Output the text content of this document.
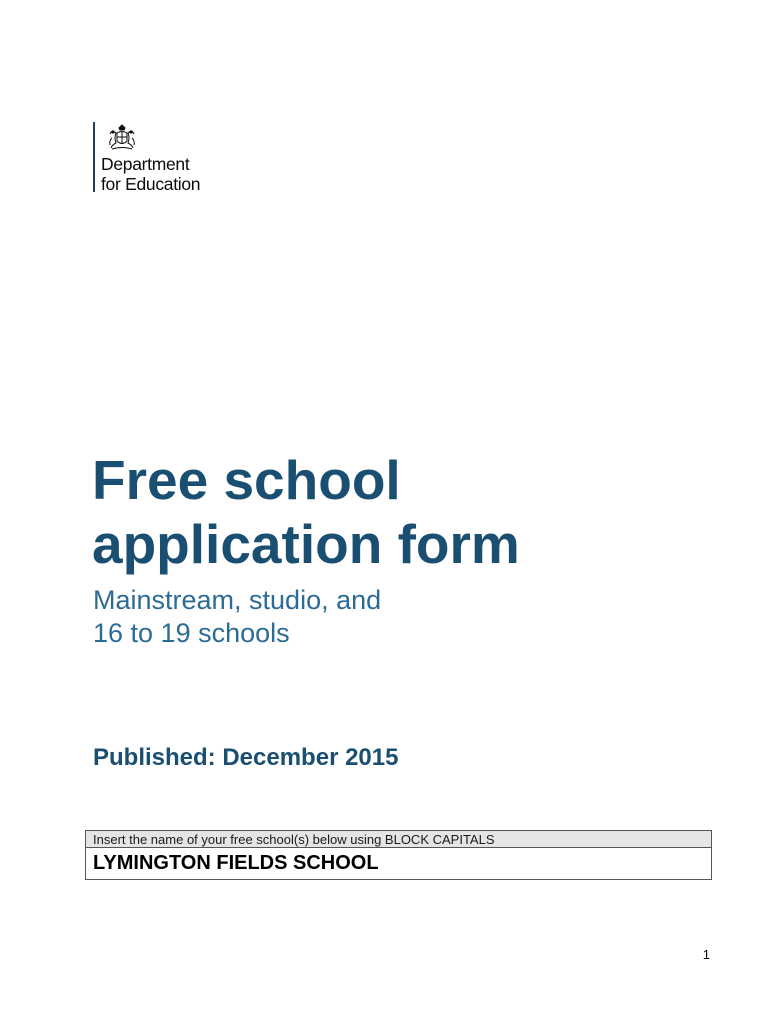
Department
for Education
Free school
application form
Mainstream, studio, and
16 to 19 schools
Published: December 2015
Insert the name of your free school(s) below using BLOCK CAPITALS
LYMINGTON FIELDS SCHOOL
1
